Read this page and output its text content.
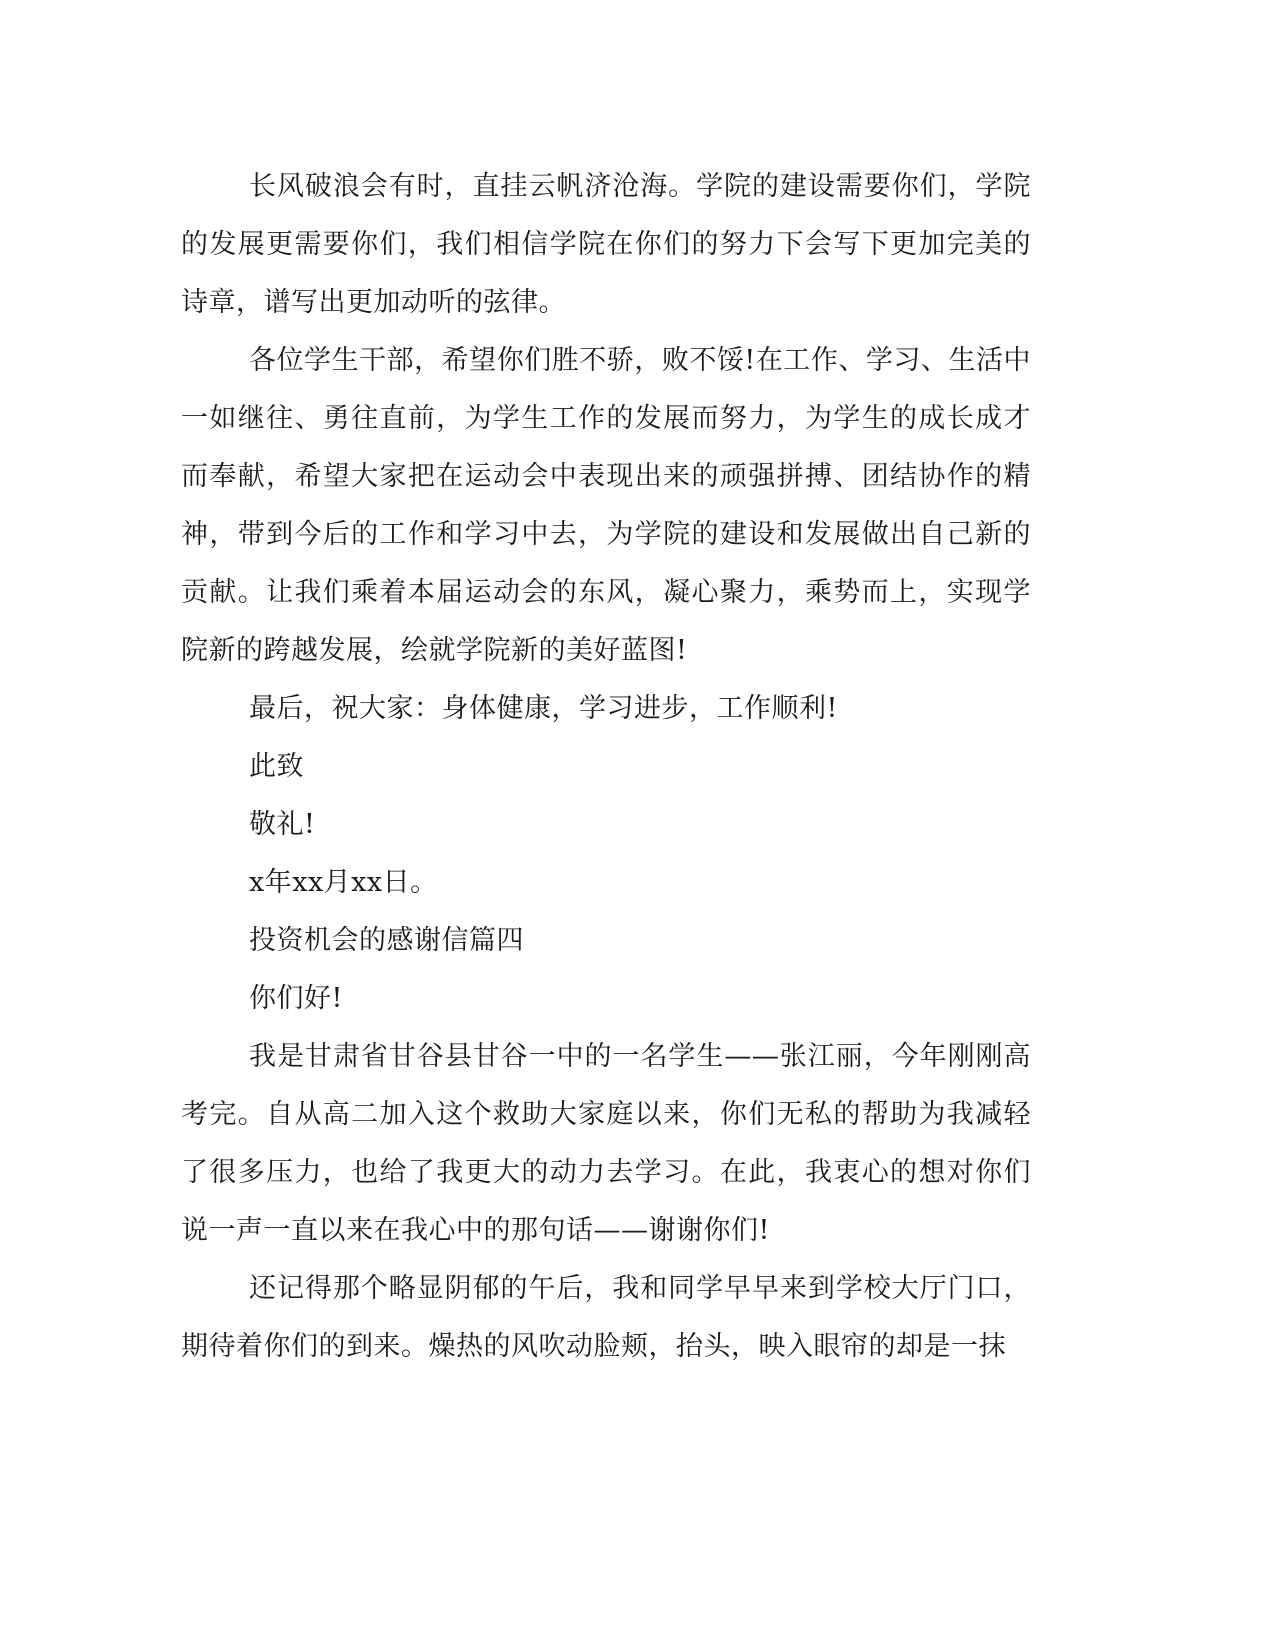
长风破浪会有时，直挂云帆济沧海。学院的建设需要你们，学院的发展更需要你们，我们相信学院在你们的努力下会写下更加完美的诗章，谱写出更加动听的弦律。

各位学生干部，希望你们胜不骄，败不馁!在工作、学习、生活中一如继往、勇往直前，为学生工作的发展而努力，为学生的成长成才而奉献，希望大家把在运动会中表现出来的顽强拼搏、团结协作的精神，带到今后的工作和学习中去，为学院的建设和发展做出自己新的贡献。让我们乘着本届运动会的东风，凝心聚力，乘势而上，实现学院新的跨越发展，绘就学院新的美好蓝图!

最后，祝大家：身体健康，学习进步，工作顺利!

此致

敬礼!

x年xx月xx日。

投资机会的感谢信篇四

你们好!

我是甘肃省甘谷县甘谷一中的一名学生——张江丽，今年刚刚高考完。自从高二加入这个救助大家庭以来，你们无私的帮助为我减轻了很多压力，也给了我更大的动力去学习。在此，我衷心的想对你们说一声一直以来在我心中的那句话——谢谢你们!

还记得那个略显阴郁的午后，我和同学早早来到学校大厅门口，期待着你们的到来。燥热的风吹动脸颊，抬头，映入眼帘的却是一抹
